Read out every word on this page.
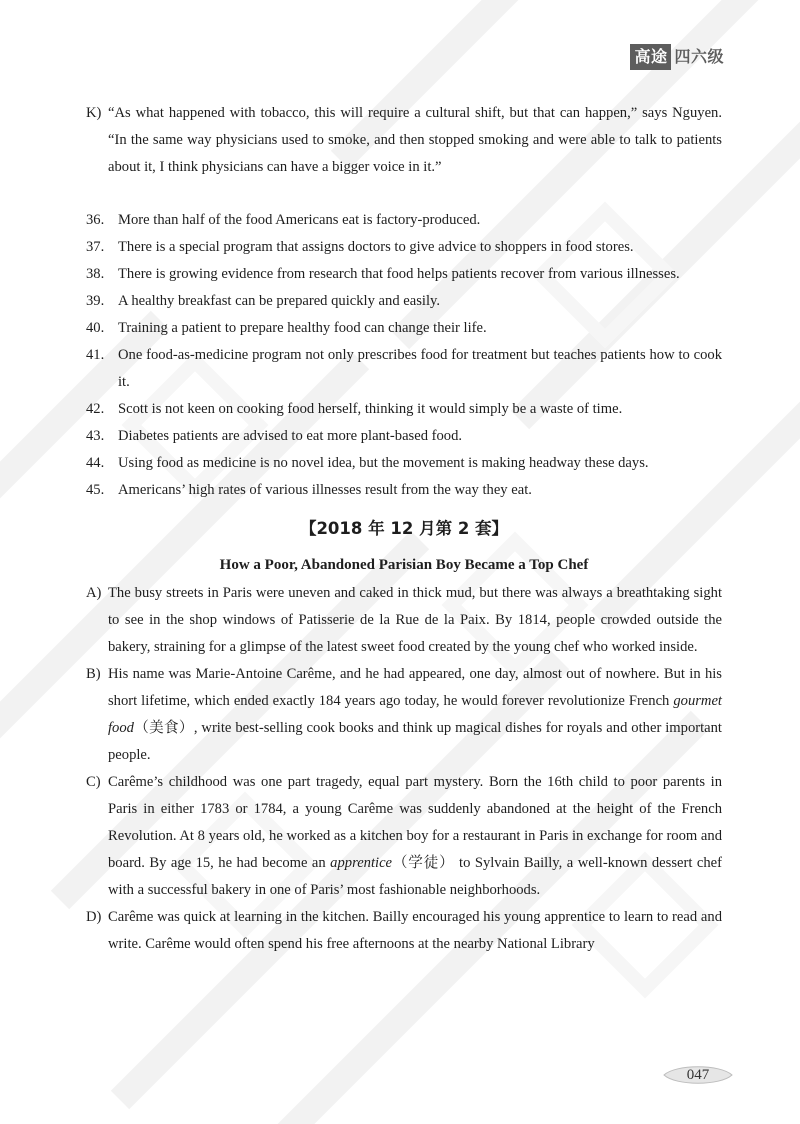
高途 四六级
K) “As what happened with tobacco, this will require a cultural shift, but that can happen,” says Nguyen. “In the same way physicians used to smoke, and then stopped smoking and were able to talk to patients about it, I think physicians can have a bigger voice in it.”
36. More than half of the food Americans eat is factory-produced.
37. There is a special program that assigns doctors to give advice to shoppers in food stores.
38. There is growing evidence from research that food helps patients recover from various illnesses.
39. A healthy breakfast can be prepared quickly and easily.
40. Training a patient to prepare healthy food can change their life.
41. One food-as-medicine program not only prescribes food for treatment but teaches patients how to cook it.
42. Scott is not keen on cooking food herself, thinking it would simply be a waste of time.
43. Diabetes patients are advised to eat more plant-based food.
44. Using food as medicine is no novel idea, but the movement is making headway these days.
45. Americans’ high rates of various illnesses result from the way they eat.
【2018 年 12 月第 2 套】
How a Poor, Abandoned Parisian Boy Became a Top Chef
A) The busy streets in Paris were uneven and caked in thick mud, but there was always a breathtaking sight to see in the shop windows of Patisserie de la Rue de la Paix. By 1814, people crowded outside the bakery, straining for a glimpse of the latest sweet food created by the young chef who worked inside.
B) His name was Marie-Antoine Carême, and he had appeared, one day, almost out of nowhere. But in his short lifetime, which ended exactly 184 years ago today, he would forever revolutionize French gourmet food（美食）, write best-selling cook books and think up magical dishes for royals and other important people.
C) Carême’s childhood was one part tragedy, equal part mystery. Born the 16th child to poor parents in Paris in either 1783 or 1784, a young Carême was suddenly abandoned at the height of the French Revolution. At 8 years old, he worked as a kitchen boy for a restaurant in Paris in exchange for room and board. By age 15, he had become an apprentice（学徒） to Sylvain Bailly, a well-known dessert chef with a successful bakery in one of Paris’ most fashionable neighborhoods.
D) Carême was quick at learning in the kitchen. Bailly encouraged his young apprentice to learn to read and write. Carême would often spend his free afternoons at the nearby National Library
047
